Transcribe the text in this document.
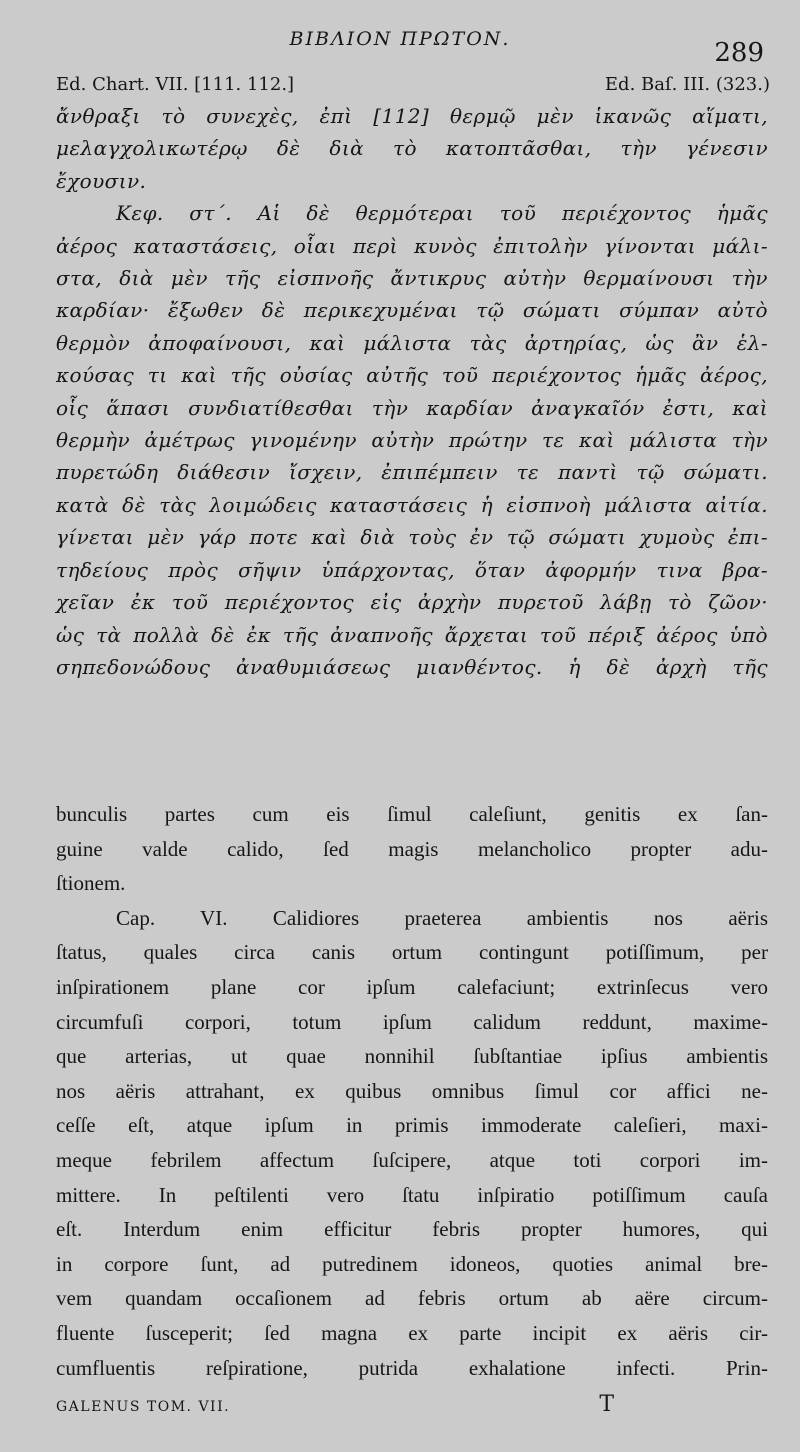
ΒΙΒΛΙΟΝ ΠΡΩΤΟΝ.	289
Ed. Chart. VII. [111. 112.]	Ed. Baſ. III. (323.)
ἄνθραξι τὸ συνεχὲς, ἐπὶ [112] θερμῷ μὲν ἱκανῶς αἵματι,
μελαγχολικωτέρῳ δὲ διὰ τὸ κατοπτᾶσθαι, τὴν γένεσιν
ἔχουσιν.
Κεφ. στ΄. Αἱ δὲ θερμότεραι τοῦ περιέχοντος ἡμᾶς
ἀέρος καταστάσεις, οἷαι περὶ κυνὸς ἐπιτολὴν γίνονται μάλι-
στα, διὰ μὲν τῆς εἰσπνοῆς ἄντικρυς αὐτὴν θερμαίνουσι τὴν
καρδίαν· ἔξωθεν δὲ περικεχυμέναι τῷ σώματι σύμπαν αὐτὸ
θερμὸν ἀποφαίνουσι, καὶ μάλιστα τὰς ἀρτηρίας, ὡς ἂν ἑλ-
κούσας τι καὶ τῆς οὐσίας αὐτῆς τοῦ περιέχοντος ἡμᾶς ἀέρος,
οἷς ἅπασι συνδιατίθεσθαι τὴν καρδίαν ἀναγκαῖόν ἐστι, καὶ
θερμὴν ἀμέτρως γινομένην αὐτὴν πρώτην τε καὶ μάλιστα τὴν
πυρετώδη διάθεσιν ἴσχειν, ἐπιπέμπειν τε παντὶ τῷ σώματι.
κατὰ δὲ τὰς λοιμώδεις καταστάσεις ἡ εἰσπνοὴ μάλιστα αἰτία.
γίνεται μὲν γάρ ποτε καὶ διὰ τοὺς ἐν τῷ σώματι χυμοὺς ἐπι-
τηδείους πρὸς σῆψιν ὑπάρχοντας, ὅταν ἀφορμήν τινα βρα-
χεῖαν ἐκ τοῦ περιέχοντος εἰς ἀρχὴν πυρετοῦ λάβῃ τὸ ζῶον·
ὡς τὰ πολλὰ δὲ ἐκ τῆς ἀναπνοῆς ἄρχεται τοῦ πέριξ ἀέρος ὑπὸ
σηπεδονώδους ἀναθυμιάσεως μιανθέντος. ἡ δὲ ἀρχὴ τῆς
bunculis partes cum eis ſimul caleſiunt, genitis ex ſan-
guine valde calido, ſed magis melancholico propter adu-
ſtionem.
Cap. VI. Calidiores praeterea ambientis nos aëris
ſtatus, quales circa canis ortum contingunt potiſſimum, per
inſpirationem plane cor ipſum calefaciunt; extrinſecus vero
circumfuſi corpori, totum ipſum calidum reddunt, maxime-
que arterias, ut quae nonnihil ſubſtantiae ipſius ambientis
nos aëris attrahant, ex quibus omnibus ſimul cor affici ne-
ceſſe eſt, atque ipſum in primis immoderate caleſieri, maxi-
meque febrilem affectum ſuſcipere, atque toti corpori im-
mittere. In peſtilenti vero ſtatu inſpiratio potiſſimum cauſa
eſt. Interdum enim efficitur febris propter humores, qui
in corpore ſunt, ad putredinem idoneos, quoties animal bre-
vem quandam occaſionem ad febris ortum ab aëre circum-
fluente ſusceperit; ſed magna ex parte incipit ex aëris cir-
cumfluentis reſpiratione, putrida exhalatione infecti. Prin-
GALENUS TOM. VII.	T
